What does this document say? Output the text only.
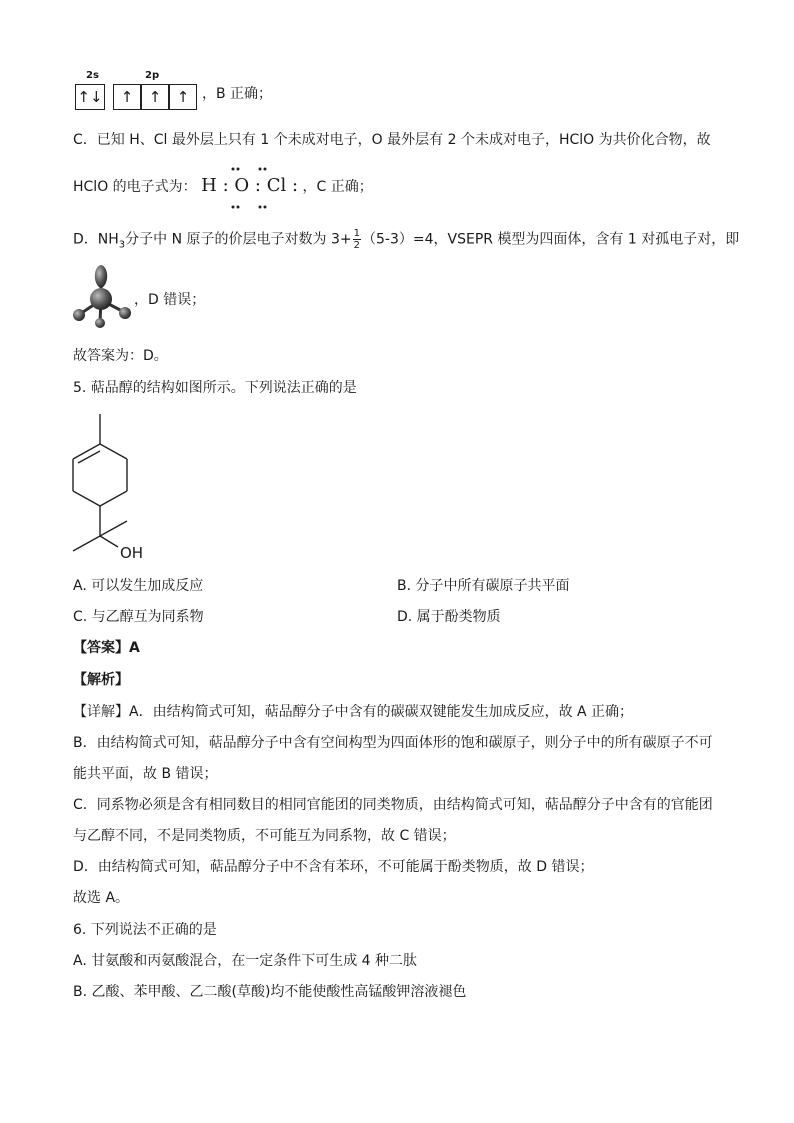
2s	2p
↑↓	↑	↑	↑ ，B 正确；
C．已知 H、Cl 最外层上只有 1 个未成对电子，O 最外层有 2 个未成对电子，HClO 为共价化合物，故
HClO 的电子式为： H : O : Cl : ，C 正确；
D．$NH_3$分子中 N 原子的价层电子对数为 $3+ \frac{1}{2} (5-3)=4$，VSEPR 模型为四面体，含有 1 对孤电子对，即
，D 错误；
故答案为：D。
5. 萜品醇的结构如图所示。下列说法正确的是
OH
A. 可以发生加成反应	B. 分子中所有碳原子共平面
C. 与乙醇互为同系物	D. 属于酚类物质
【答案】A
【解析】
【详解】A．由结构简式可知，萜品醇分子中含有的碳碳双键能发生加成反应，故 A 正确；
B．由结构简式可知，萜品醇分子中含有空间构型为四面体形的饱和碳原子，则分子中的所有碳原子不可
能共平面，故 B 错误；
C．同系物必须是含有相同数目的相同官能团的同类物质，由结构简式可知，萜品醇分子中含有的官能团
与乙醇不同，不是同类物质，不可能互为同系物，故 C 错误；
D．由结构简式可知，萜品醇分子中不含有苯环，不可能属于酚类物质，故 D 错误；
故选 A。
6. 下列说法不正确的是
A. 甘氨酸和丙氨酸混合，在一定条件下可生成 4 种二肽
B. 乙酸、苯甲酸、乙二酸(草酸)均不能使酸性高锰酸钾溶液褪色
